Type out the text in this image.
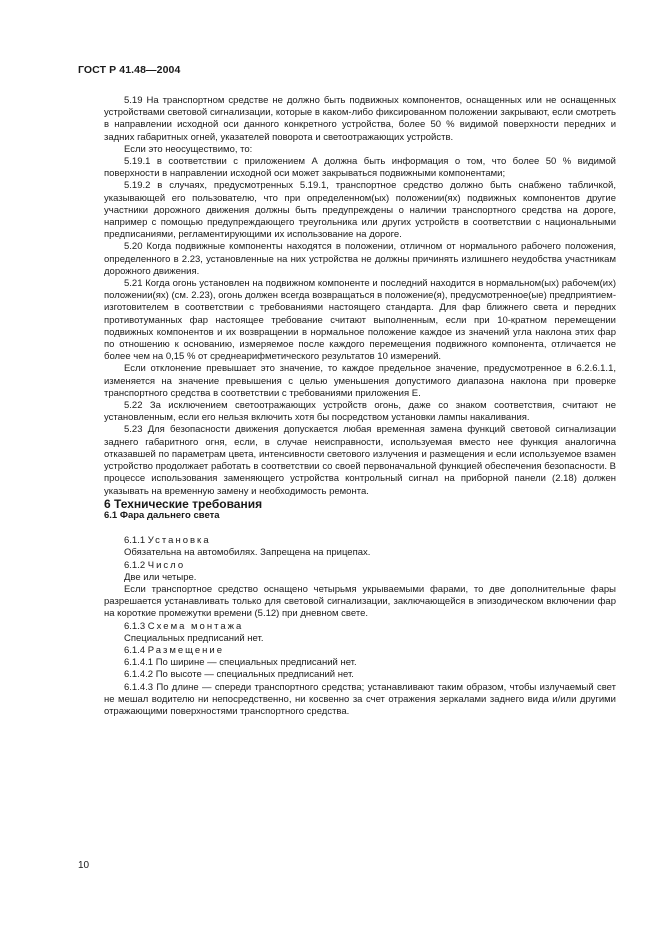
ГОСТ Р 41.48—2004

5.19 На транспортном средстве не должно быть подвижных компонентов, оснащенных или не оснащенных устройствами световой сигнализации, которые в каком-либо фиксированном положении закрывают, если смотреть в направлении исходной оси данного конкретного устройства, более 50 % видимой поверхности передних и задних габаритных огней, указателей поворота и светоотражающих устройств.

Если это неосуществимо, то:

5.19.1 в соответствии с приложением А должна быть информация о том, что более 50 % видимой поверхности в направлении исходной оси может закрываться подвижными компонентами;

5.19.2 в случаях, предусмотренных 5.19.1, транспортное средство должно быть снабжено табличкой, указывающей его пользователю, что при определенном(ых) положении(ях) подвижных компонентов другие участники дорожного движения должны быть предупреждены о наличии транспортного средства на дороге, например с помощью предупреждающего треугольника или других устройств в соответствии с национальными предписаниями, регламентирующими их использование на дороге.

5.20 Когда подвижные компоненты находятся в положении, отличном от нормального рабочего положения, определенного в 2.23, установленные на них устройства не должны причинять излишнего неудобства участникам дорожного движения.

5.21 Когда огонь установлен на подвижном компоненте и последний находится в нормальном(ых) рабочем(их) положении(ях) (см. 2.23), огонь должен всегда возвращаться в положение(я), предусмотренное(ые) предприятием-изготовителем в соответствии с требованиями настоящего стандарта. Для фар ближнего света и передних противотуманных фар настоящее требование считают выполненным, если при 10-кратном перемещении подвижных компонентов и их возвращении в нормальное положение каждое из значений угла наклона этих фар по отношению к основанию, измеряемое после каждого перемещения подвижного компонента, отличается не более чем на 0,15 % от среднеарифметического результатов 10 измерений.

Если отклонение превышает это значение, то каждое предельное значение, предусмотренное в 6.2.6.1.1, изменяется на значение превышения с целью уменьшения допустимого диапазона наклона при проверке транспортного средства в соответствии с требованиями приложения Е.

5.22 За исключением светоотражающих устройств огонь, даже со знаком соответствия, считают не установленным, если его нельзя включить хотя бы посредством установки лампы накаливания.

5.23 Для безопасности движения допускается любая временная замена функций световой сигнализации заднего габаритного огня, если, в случае неисправности, используемая вместо нее функция аналогична отказавшей по параметрам цвета, интенсивности светового излучения и размещения и если используемое взамен устройство продолжает работать в соответствии со своей первоначальной функцией обеспечения безопасности. В процессе использования заменяющего устройства контрольный сигнал на приборной панели (2.18) должен указывать на временную замену и необходимость ремонта.

6 Технические требования

6.1 Фара дальнего света

6.1.1 Установка

Обязательна на автомобилях. Запрещена на прицепах.

6.1.2 Число

Две или четыре.

Если транспортное средство оснащено четырьмя укрываемыми фарами, то две дополнительные фары разрешается устанавливать только для световой сигнализации, заключающейся в эпизодическом включении фар на короткие промежутки времени (5.12) при дневном свете.

6.1.3 Схема монтажа

Специальных предписаний нет.

6.1.4 Размещение

6.1.4.1 По ширине — специальных предписаний нет.

6.1.4.2 По высоте — специальных предписаний нет.

6.1.4.3 По длине — спереди транспортного средства; устанавливают таким образом, чтобы излучаемый свет не мешал водителю ни непосредственно, ни косвенно за счет отражения зеркалами заднего вида и/или другими отражающими поверхностями транспортного средства.

10
